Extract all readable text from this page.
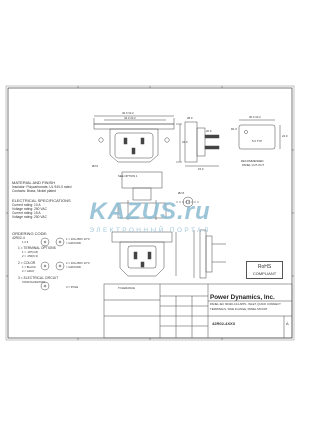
MATERIAL AND FINISH
Insulator: Polycarbonate, UL 94V-0 rated
Contacts: Brass, Nickel plated
ELECTRICAL SPECIFICATIONS
Current rating: 10 A
Voltage rating: 250 VAC
Current rating: 15 A
Voltage rating: 250 VAC
ORDERING CODE:
42R02-4
1 2 3
1 = TERMINAL OPTIONS
1 = .187(4.8)
2 = .250(6.3)
2 = COLOR
1 = BLACK
2 = GRAY
3 = ELECTRICAL CIRCUIT
CONFIGURATION
1 = 10A 250V 10°C
= GROUND
2 = 10A 250V 10°C
= GROUND
3 = POLE
40.0 ±0.2
43.0 ±0.2
34.0
28.0
20.0
15.0
Ø3.5
Ø2.8
30.0 ±0.2
24.0
R1.0
5.0 TYP
SEE OPTION 1
RECOMMENDED
PANEL CUT-OUT
TOLERANCE
RoHS
COMPLIANT
Power Dynamics, Inc.
PANEL IEC 60320-C14 APPL. INLET, QUICK CONNECT
TERMINALS, SIDE FLANGE, PANEL MOUNT
42R02-4XXX	A
KAZUS.ru
ЭЛЕКТРОННЫЙ ПОРТАЛ
